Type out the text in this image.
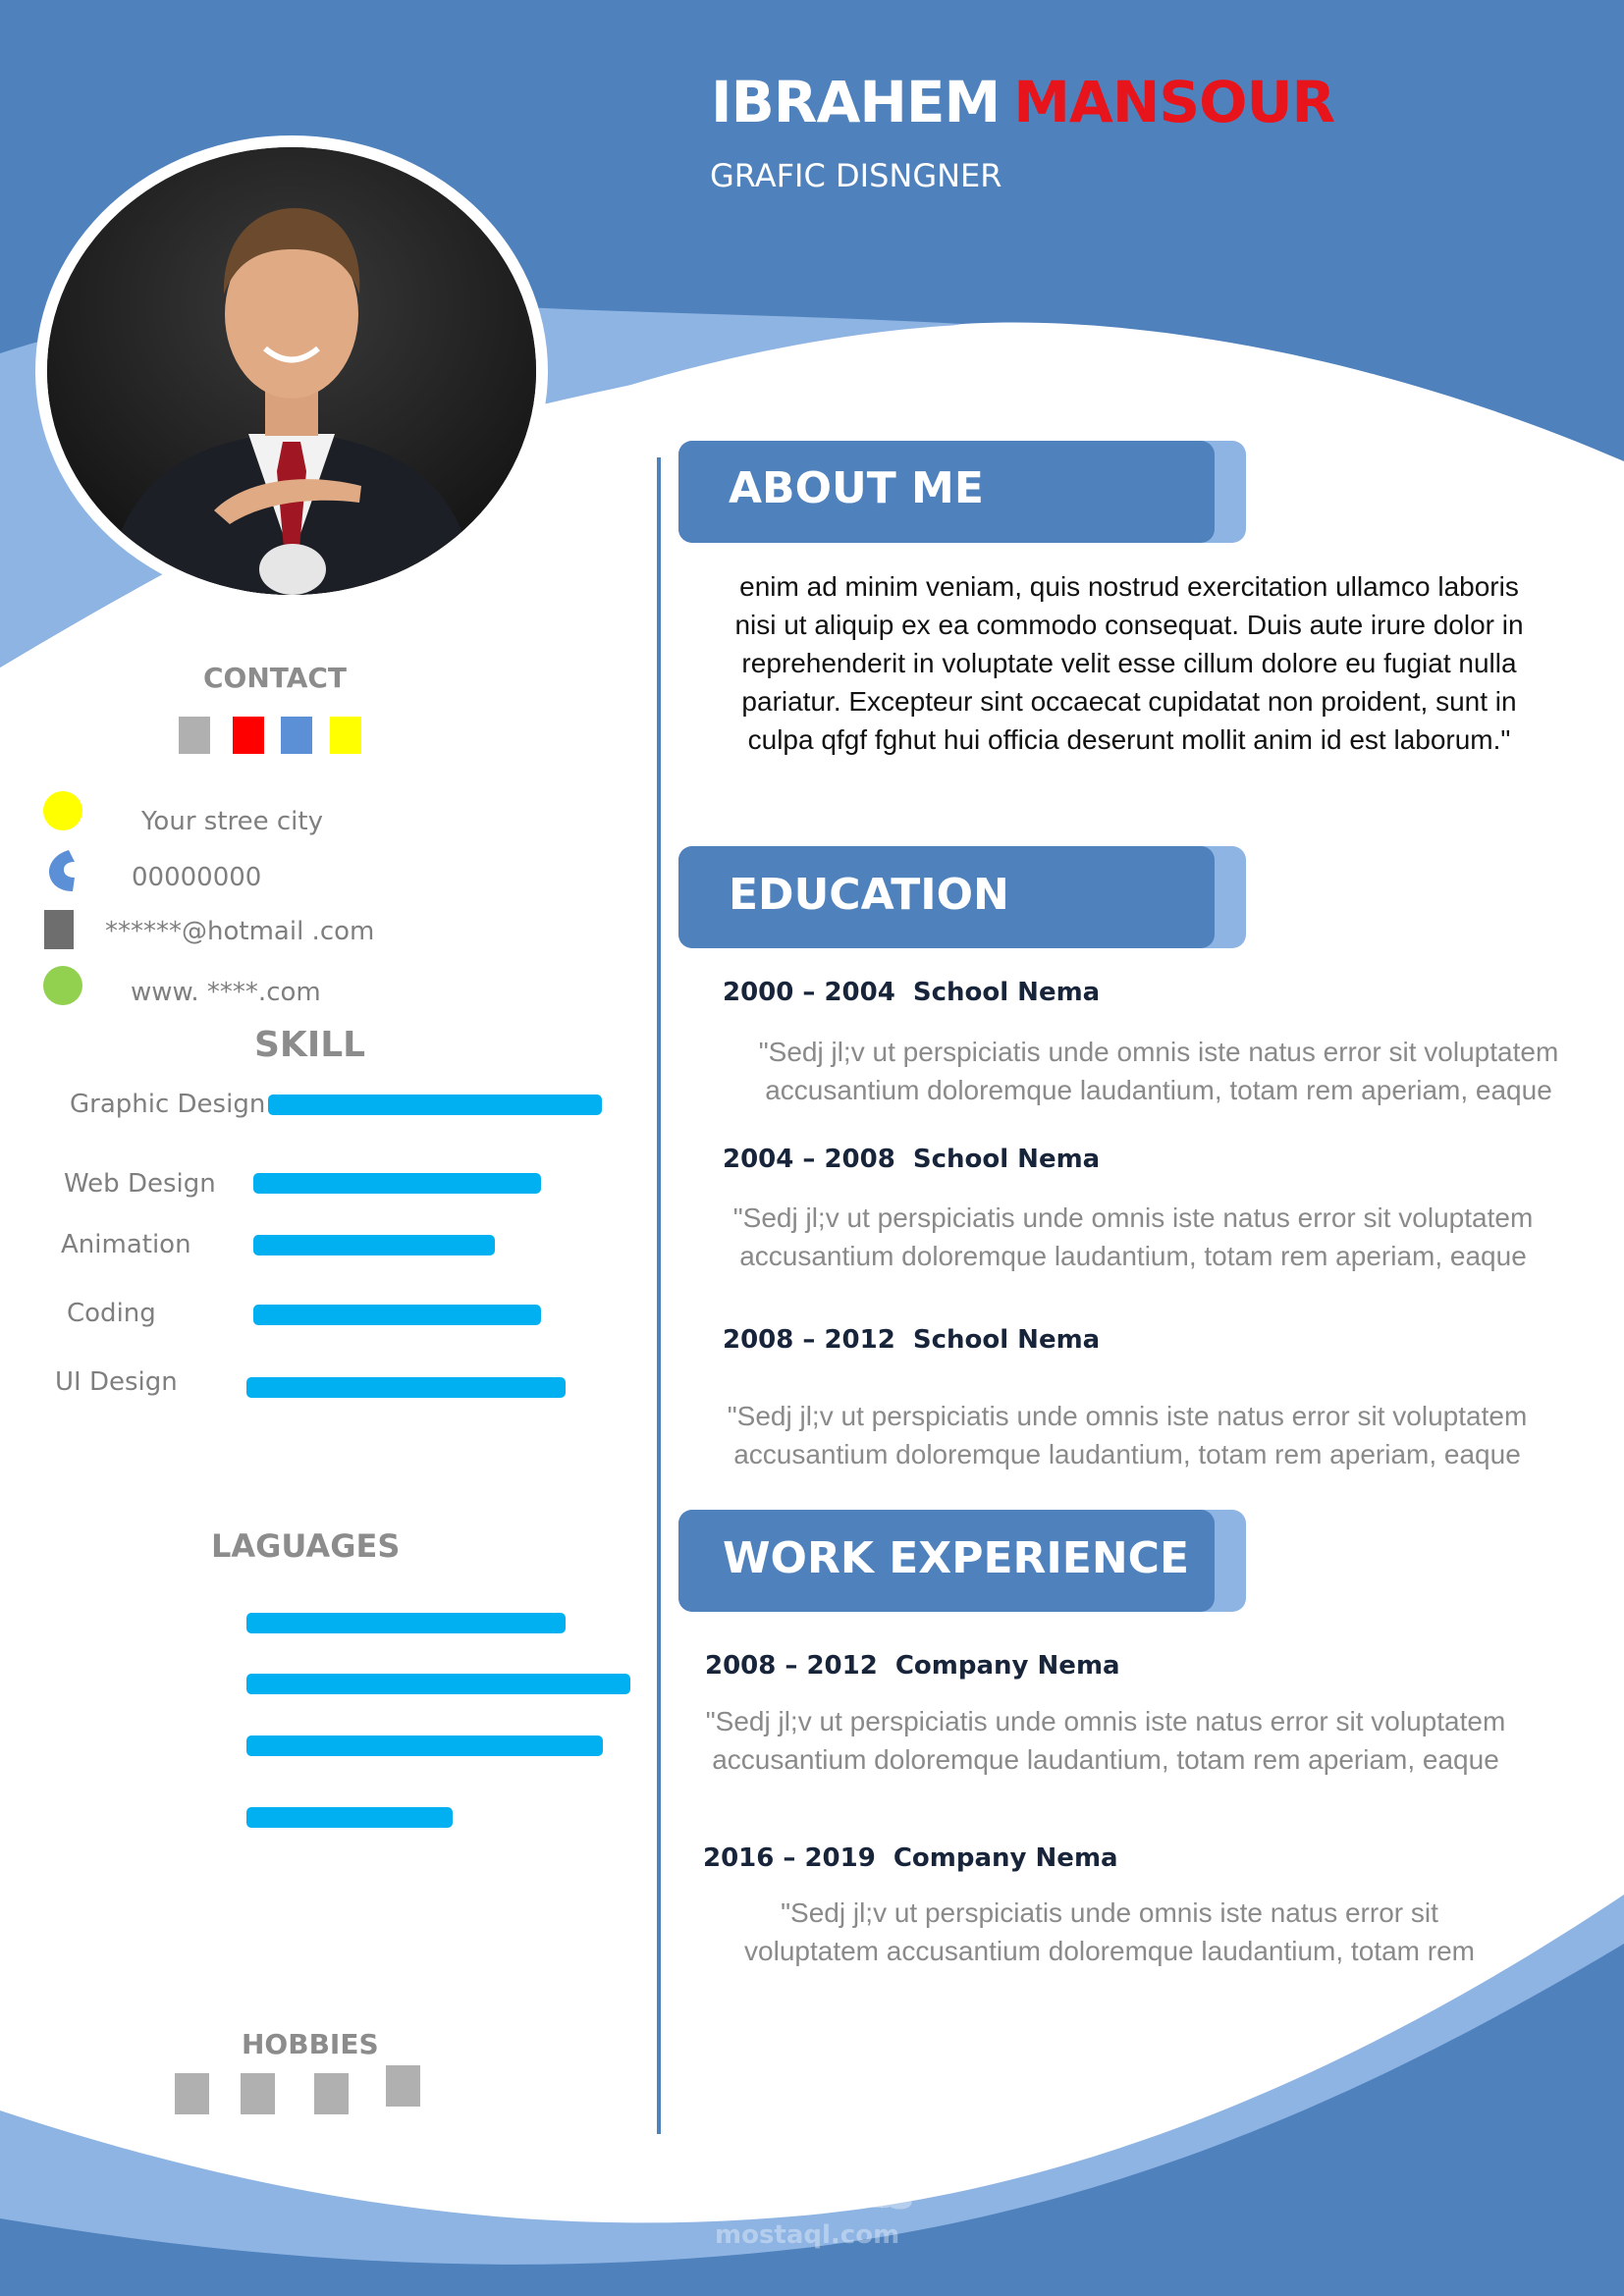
IBRAHEM MANSOUR
GRAFIC DISNGNER
CONTACT
Your stree city
00000000
******@hotmail .com
www. ****.com
SKILL
Graphic Design
Web Design
Animation
Coding
UI Design
LAGUAGES
HOBBIES
ABOUT ME
enim ad minim veniam, quis nostrud exercitation ullamco laboris
nisi ut aliquip ex ea commodo consequat. Duis aute irure dolor in
reprehenderit in voluptate velit esse cillum dolore eu fugiat nulla
pariatur. Excepteur sint occaecat cupidatat non proident, sunt in
culpa qfgf fghut hui officia deserunt mollit anim id est laborum."
EDUCATION
2000 – 2004 School Nema
"Sedj jl;v ut perspiciatis unde omnis iste natus error sit voluptatem
accusantium doloremque laudantium, totam rem aperiam, eaque
2004 – 2008 School Nema
"Sedj jl;v ut perspiciatis unde omnis iste natus error sit voluptatem
accusantium doloremque laudantium, totam rem aperiam, eaque
2008 – 2012 School Nema
"Sedj jl;v ut perspiciatis unde omnis iste natus error sit voluptatem
accusantium doloremque laudantium, totam rem aperiam, eaque
WORK EXPERIENCE
2008 – 2012 Company Nema
"Sedj jl;v ut perspiciatis unde omnis iste natus error sit voluptatem
accusantium doloremque laudantium, totam rem aperiam, eaque
2016 – 2019 Company Nema
"Sedj jl;v ut perspiciatis unde omnis iste natus error sit
voluptatem accusantium doloremque laudantium, totam rem
مستقل
mostaql.com
